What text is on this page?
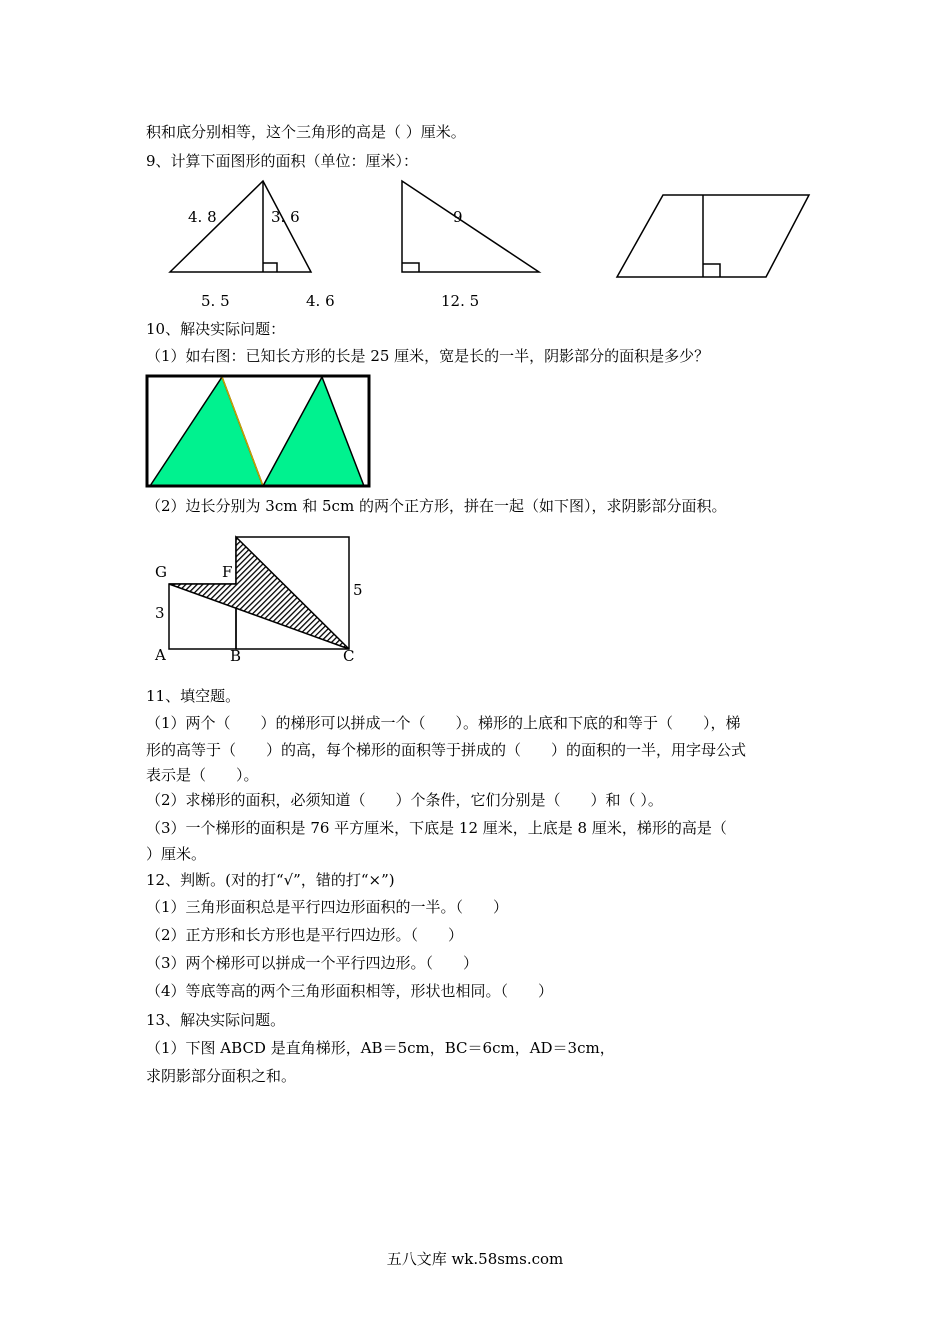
积和底分别相等，这个三角形的高是（ ）厘米。
9、计算下面图形的面积（单位：厘米）：
4. 8	3. 6
5. 5	4. 6
9
12. 5
10、解决实际问题：
（1）如右图：已知长方形的长是 25 厘米，宽是长的一半，阴影部分的面积是多少？
（2）边长分别为 3cm 和 5cm 的两个正方形，拼在一起（如下图），求阴影部分面积。
G	F
A	B	C
3
5
11、填空题。
（1）两个（　　）的梯形可以拼成一个（　　）。梯形的上底和下底的和等于（　　），梯
形的高等于（　　）的高，每个梯形的面积等于拼成的（　　）的面积的一半，用字母公式
表示是（　　）。
（2）求梯形的面积，必须知道（　　）个条件，它们分别是（　　）和（ ）。
（3）一个梯形的面积是 76 平方厘米，下底是 12 厘米，上底是 8 厘米，梯形的高是（
）厘米。
12、判断。(对的打“√”，错的打“×”)
（1）三角形面积总是平行四边形面积的一半。（　　）
（2）正方形和长方形也是平行四边形。（　　）
（3）两个梯形可以拼成一个平行四边形。（　　）
（4）等底等高的两个三角形面积相等，形状也相同。（　　）
13、解决实际问题。
（1）下图 ABCD 是直角梯形，AB＝5cm，BC＝6cm，AD＝3cm，
求阴影部分面积之和。
五八文库 wk.58sms.com
